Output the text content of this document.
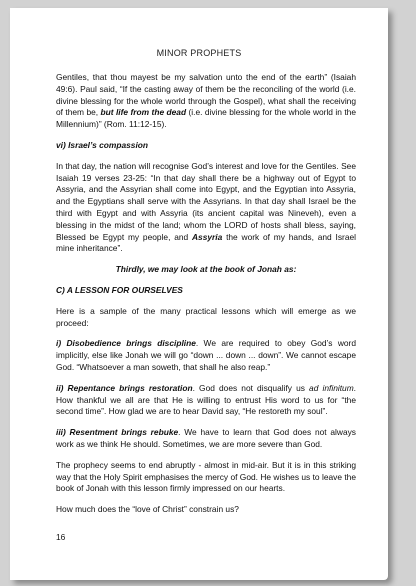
MINOR PROPHETS

Gentiles, that thou mayest be my salvation unto the end of the earth” (Isaiah 49:6). Paul said, “If the casting away of them be the reconciling of the world (i.e. divine blessing for the whole world through the Gospel), what shall the receiving of them be, but life from the dead (i.e. divine blessing for the whole world in the Millennium)” (Rom. 11:12-15).

vi) Israel’s compassion

In that day, the nation will recognise God’s interest and love for the Gentiles. See Isaiah 19 verses 23-25: “In that day shall there be a highway out of Egypt to Assyria, and the Assyrian shall come into Egypt, and the Egyptian into Assyria, and the Egyptians shall serve with the Assyrians. In that day shall Israel be the third with Egypt and with Assyria (its ancient capital was Nineveh), even a blessing in the midst of the land; whom the LORD of hosts shall bless, saying, Blessed be Egypt my people, and Assyria the work of my hands, and Israel mine inheritance”.

Thirdly, we may look at the book of Jonah as:

C) A LESSON FOR OURSELVES

Here is a sample of the many practical lessons which will emerge as we proceed:

i) Disobedience brings discipline. We are required to obey God’s word implicitly, else like Jonah we will go “down ... down ... down”. We cannot escape God. “Whatsoever a man soweth, that shall he also reap.”

ii) Repentance brings restoration. God does not disqualify us ad infinitum. How thankful we all are that He is willing to entrust His word to us for “the second time”. How glad we are to hear David say, “He restoreth my soul”.

iii) Resentment brings rebuke. We have to learn that God does not always work as we think He should. Sometimes, we are more severe than God.

The prophecy seems to end abruptly - almost in mid-air. But it is in this striking way that the Holy Spirit emphasises the mercy of God. He wishes us to leave the book of Jonah with this lesson firmly impressed on our hearts.

How much does the “love of Christ” constrain us?

16
